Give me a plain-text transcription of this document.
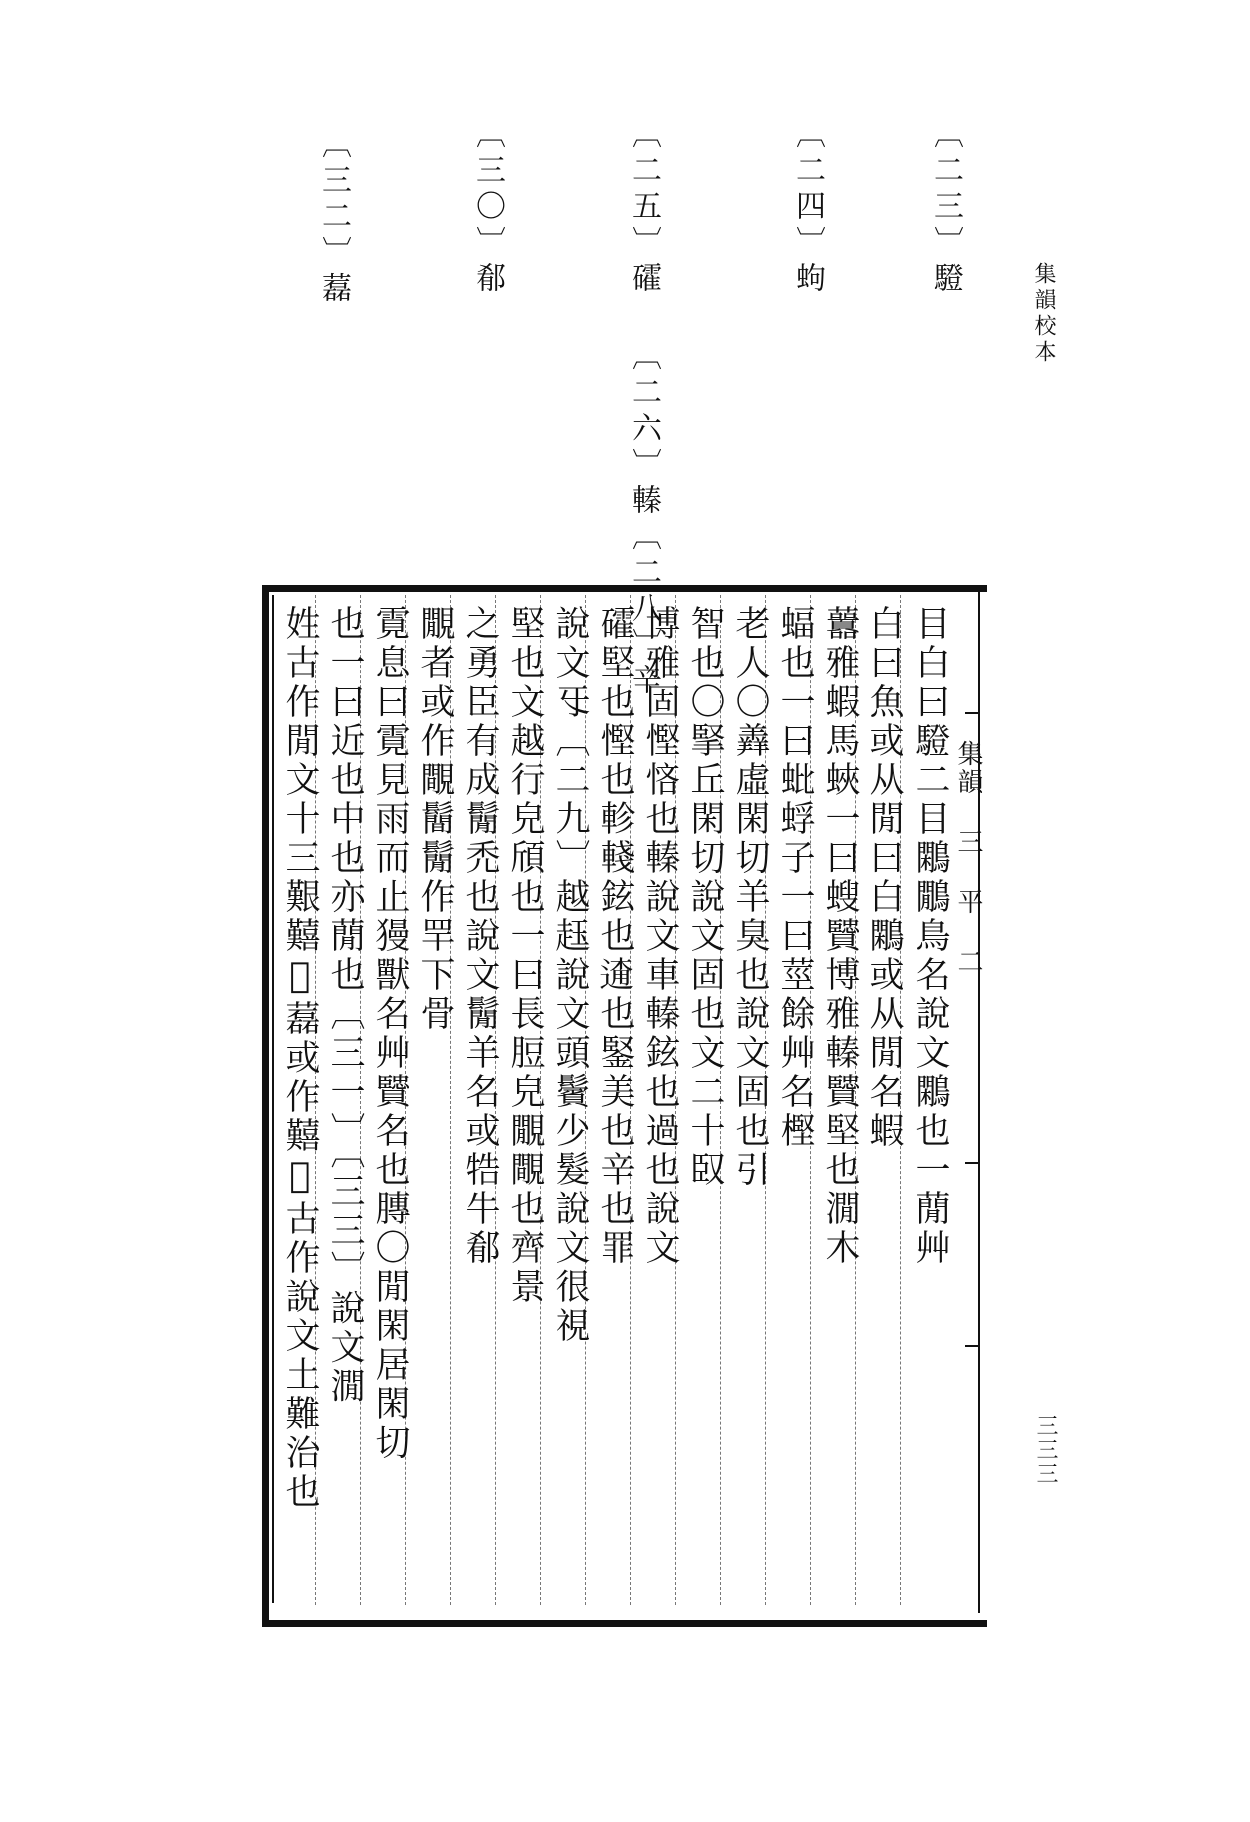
集韻校本
三三三
〔二三〕䮴
〔二四〕蚼
〔二五〕礭
〔二六〕轃〔二八〕辛
〔三〇〕郩
〔三二〕藞
集韻 三 平 二
目白曰䮴二目鷴鷳鳥名說文鷴也一蕑艸
白曰魚或从閒曰白鷴或从閒名蝦
䖀雅蝦馬蛺一曰螋贒博雅轃贒堅也㵎木
蝠也一曰蚍蜉子一曰莖餘艸名樫
老人〇羴虛閑切羊臭也說文固也引
智也〇掔丘閑切說文固也文二十臤
博雅固慳悋也轃說文車轃鉉也過也說文
礭堅也慳也軫輚鉉也𨓸也鋻美也辛也罪
說文㸦〔二九〕越䞝說文頭鬢少髮說文很視
堅也文越行皃頎也一曰長脰皃覵覸也齊景
之勇臣有成鬜禿也說文鬜羊名或牿牛郩
覵者或作覸鬝鬜作䍐下骨
䨘息曰䨘見雨而止獌獸名艸贒名也膞〇閒閑居閑切
也一曰近也中也亦蕑也〔三一〕〔三三〕說文㵎
姓古作閒文十三艱囏𡎞藞或作囏𡎞古作說文土難治也
